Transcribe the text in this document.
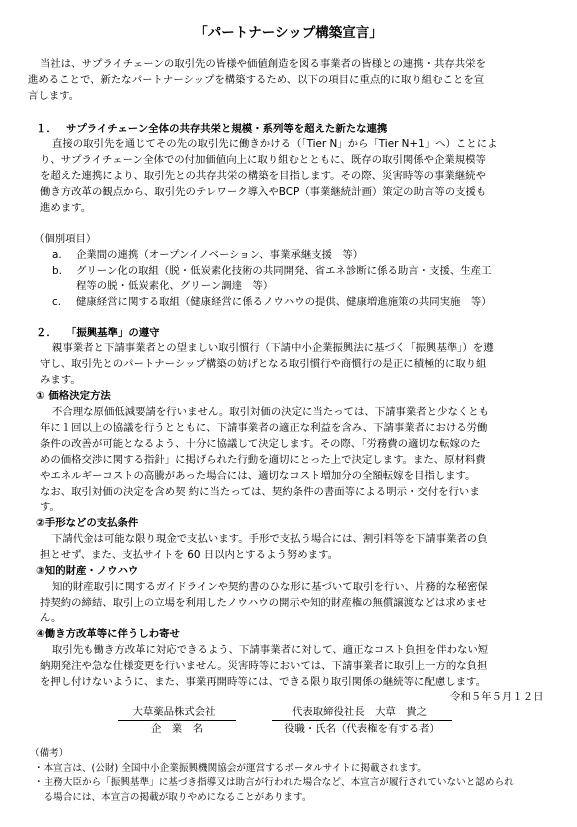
「パートナーシップ構築宣言」
当社は、サプライチェーンの取引先の皆様や価値創造を図る事業者の皆様との連携・共存共栄を
進めることで、新たなパートナーシップを構築するため、以下の項目に重点的に取り組むことを宣
言します。
１． サプライチェーン全体の共存共栄と規模・系列等を超えた新たな連携
直接の取引先を通じてその先の取引先に働きかける（「Tier N」から「Tier N+1」へ）ことによ
り、サプライチェーン全体での付加価値向上に取り組むとともに、既存の取引関係や企業規模等
を超えた連携により、取引先との共存共栄の構築を目指します。その際、災害時等の事業継続や
働き方改革の観点から、取引先のテレワーク導入やBCP（事業継続計画）策定の助言等の支援も
進めます。
（個別項目）
a. 企業間の連携（オープンイノベーション、事業承継支援　等）
b. グリーン化の取組（脱・低炭素化技術の共同開発、省エネ診断に係る助言・支援、生産工
程等の脱・低炭素化、グリーン調達　等）
c. 健康経営に関する取組（健康経営に係るノウハウの提供、健康増進施策の共同実施　等）
２． 「振興基準」の遵守
親事業者と下請事業者との望ましい取引慣行（下請中小企業振興法に基づく「振興基準」）を遵
守し、取引先とのパートナーシップ構築の妨げとなる取引慣行や商慣行の是正に積極的に取り組
みます。
① 価格決定方法
不合理な原価低減要請を行いません。取引対価の決定に当たっては、下請事業者と少なくとも
年に１回以上の協議を行うとともに、下請事業者の適正な利益を含み、下請事業者における労働
条件の改善が可能となるよう、十分に協議して決定します。その際、「労務費の適切な転嫁のた
めの価格交渉に関する指針」に掲げられた行動を適切にとった上で決定します。また、原材料費
やエネルギーコストの高騰があった場合には、適切なコスト増加分の全額転嫁を目指します。
なお、取引対価の決定を含め契 約に当たっては、契約条件の書面等による明示・交付を行いま
す。
②手形などの支払条件
下請代金は可能な限り現金で支払います。手形で支払う場合には、割引料等を下請事業者の負
担とせず、また、支払サイトを 60 日以内とするよう努めます。
③知的財産・ノウハウ
知的財産取引に関するガイドラインや契約書のひな形に基づいて取引を行い、片務的な秘密保
持契約の締結、取引上の立場を利用したノウハウの開示や知的財産権の無償譲渡などは求めませ
ん。
④働き方改革等に伴うしわ寄せ
取引先も働き方改革に対応できるよう、下請事業者に対して、適正なコスト負担を伴わない短
納期発注や急な仕様変更を行いません。災害時等においては、下請事業者に取引上一方的な負担
を押し付けないように、また、事業再開時等には、できる限り取引関係の継続等に配慮します。
令和５年５月１２日
大草薬品株式会社
企　業　名
代表取締役社長　大草　貴之
役職・氏名（代表権を有する者）
（備考）
・本宣言は、(公財) 全国中小企業振興機関協会が運営するポータルサイトに掲載されます。
・主務大臣から「振興基準」に基づき指導又は助言が行われた場合など、本宣言が履行されていないと認められ
　る場合には、本宣言の掲載が取りやめになることがあります。
